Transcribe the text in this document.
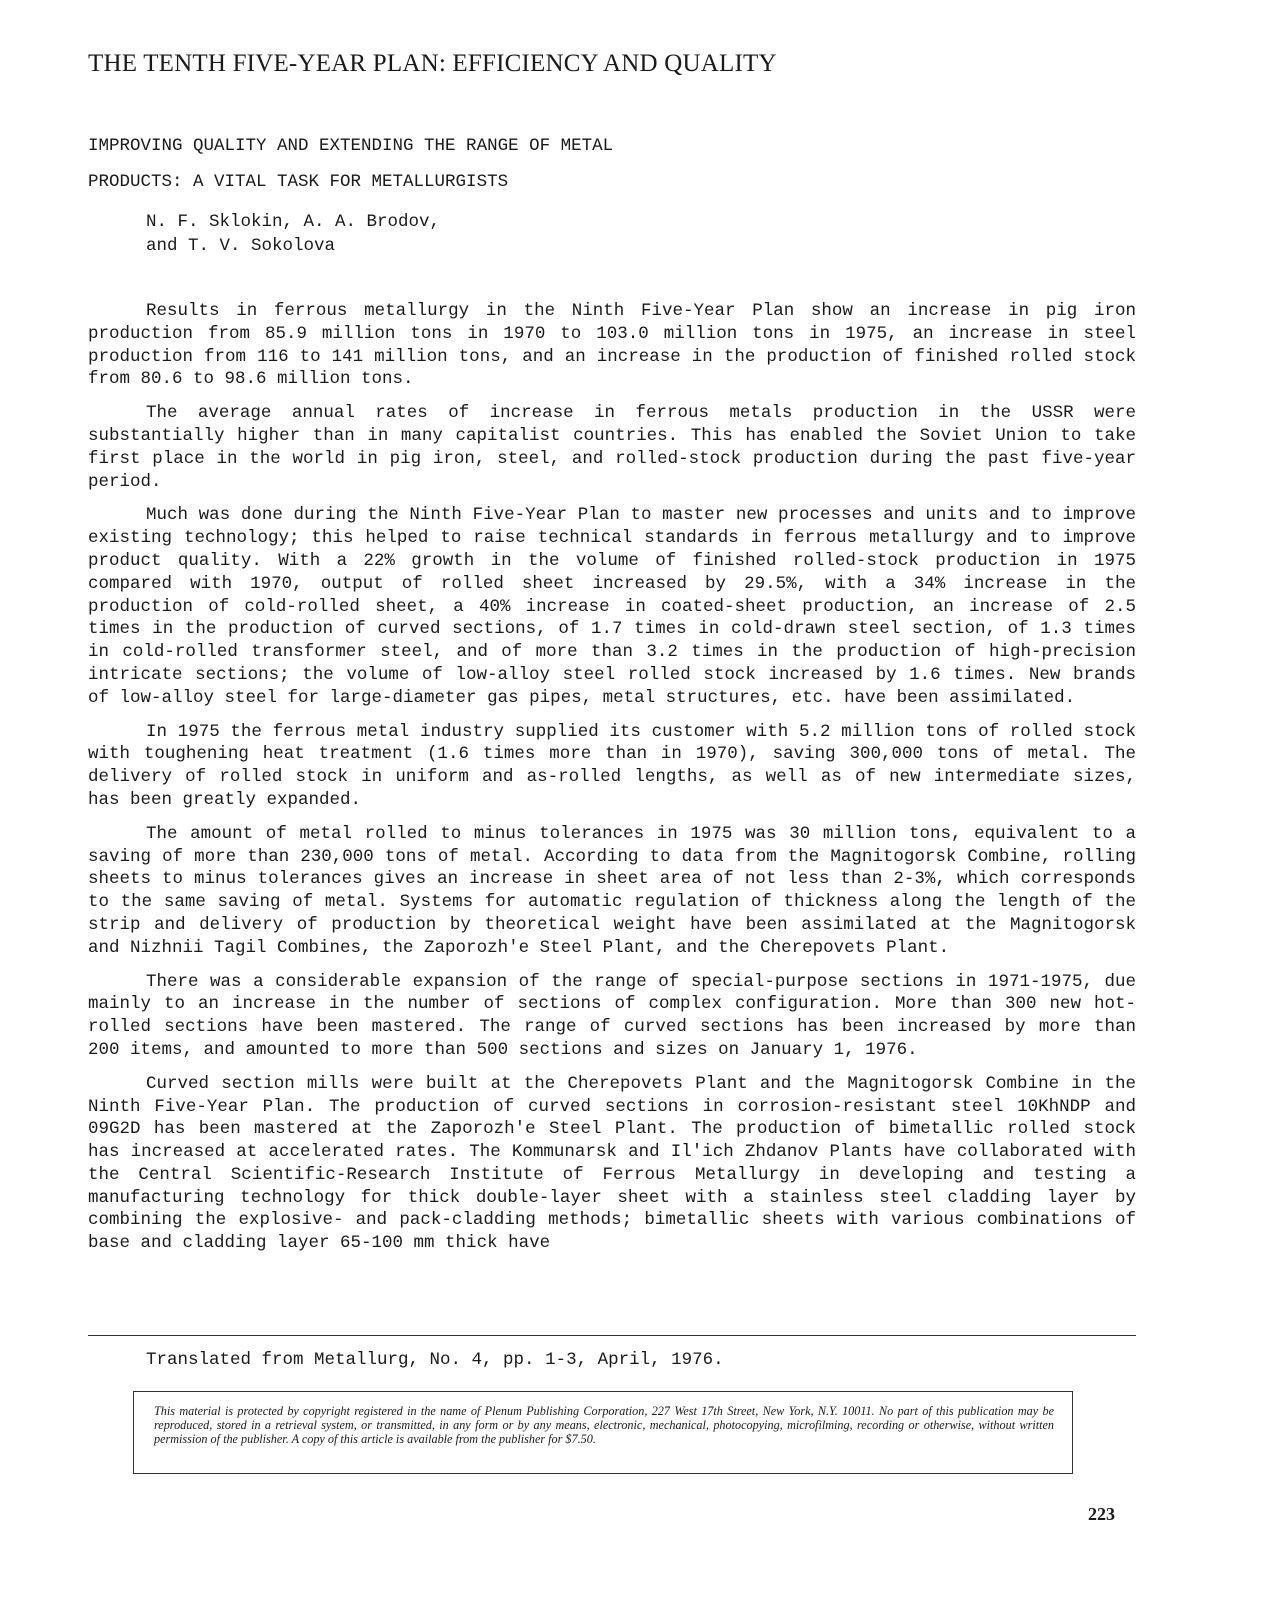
THE TENTH FIVE-YEAR PLAN: EFFICIENCY AND QUALITY
IMPROVING QUALITY AND EXTENDING THE RANGE OF METAL
PRODUCTS: A VITAL TASK FOR METALLURGISTS
N. F. Sklokin, A. A. Brodov,
and T. V. Sokolova

Results in ferrous metallurgy in the Ninth Five-Year Plan show an increase in pig iron production from 85.9 million tons in 1970 to 103.0 million tons in 1975, an increase in steel production from 116 to 141 million tons, and an increase in the production of finished rolled stock from 80.6 to 98.6 million tons.

The average annual rates of increase in ferrous metals production in the USSR were substantially higher than in many capitalist countries. This has enabled the Soviet Union to take first place in the world in pig iron, steel, and rolled-stock production during the past five-year period.

Much was done during the Ninth Five-Year Plan to master new processes and units and to improve existing technology; this helped to raise technical standards in ferrous metallurgy and to improve product quality. With a 22% growth in the volume of finished rolled-stock production in 1975 compared with 1970, output of rolled sheet increased by 29.5%, with a 34% increase in the production of cold-rolled sheet, a 40% increase in coated-sheet production, an increase of 2.5 times in the production of curved sections, of 1.7 times in cold-drawn steel section, of 1.3 times in cold-rolled transformer steel, and of more than 3.2 times in the production of high-precision intricate sections; the volume of low-alloy steel rolled stock increased by 1.6 times. New brands of low-alloy steel for large-diameter gas pipes, metal structures, etc. have been assimilated.

In 1975 the ferrous metal industry supplied its customer with 5.2 million tons of rolled stock with toughening heat treatment (1.6 times more than in 1970), saving 300,000 tons of metal. The delivery of rolled stock in uniform and as-rolled lengths, as well as of new intermediate sizes, has been greatly expanded.

The amount of metal rolled to minus tolerances in 1975 was 30 million tons, equivalent to a saving of more than 230,000 tons of metal. According to data from the Magnitogorsk Combine, rolling sheets to minus tolerances gives an increase in sheet area of not less than 2-3%, which corresponds to the same saving of metal. Systems for automatic regulation of thickness along the length of the strip and delivery of production by theoretical weight have been assimilated at the Magnitogorsk and Nizhnii Tagil Combines, the Zaporozh'e Steel Plant, and the Cherepovets Plant.

There was a considerable expansion of the range of special-purpose sections in 1971-1975, due mainly to an increase in the number of sections of complex configuration. More than 300 new hot-rolled sections have been mastered. The range of curved sections has been increased by more than 200 items, and amounted to more than 500 sections and sizes on January 1, 1976.

Curved section mills were built at the Cherepovets Plant and the Magnitogorsk Combine in the Ninth Five-Year Plan. The production of curved sections in corrosion-resistant steel 10KhNDP and 09G2D has been mastered at the Zaporozh'e Steel Plant. The production of bimetallic rolled stock has increased at accelerated rates. The Kommunarsk and Il'ich Zhdanov Plants have collaborated with the Central Scientific-Research Institute of Ferrous Metallurgy in developing and testing a manufacturing technology for thick double-layer sheet with a stainless steel cladding layer by combining the explosive- and pack-cladding methods; bimetallic sheets with various combinations of base and cladding layer 65-100 mm thick have

Translated from Metallurg, No. 4, pp. 1-3, April, 1976.

This material is protected by copyright registered in the name of Plenum Publishing Corporation, 227 West 17th Street, New York, N.Y. 10011. No part of this publication may be reproduced, stored in a retrieval system, or transmitted, in any form or by any means, electronic, mechanical, photocopying, microfilming, recording or otherwise, without written permission of the publisher. A copy of this article is available from the publisher for $7.50.

223
